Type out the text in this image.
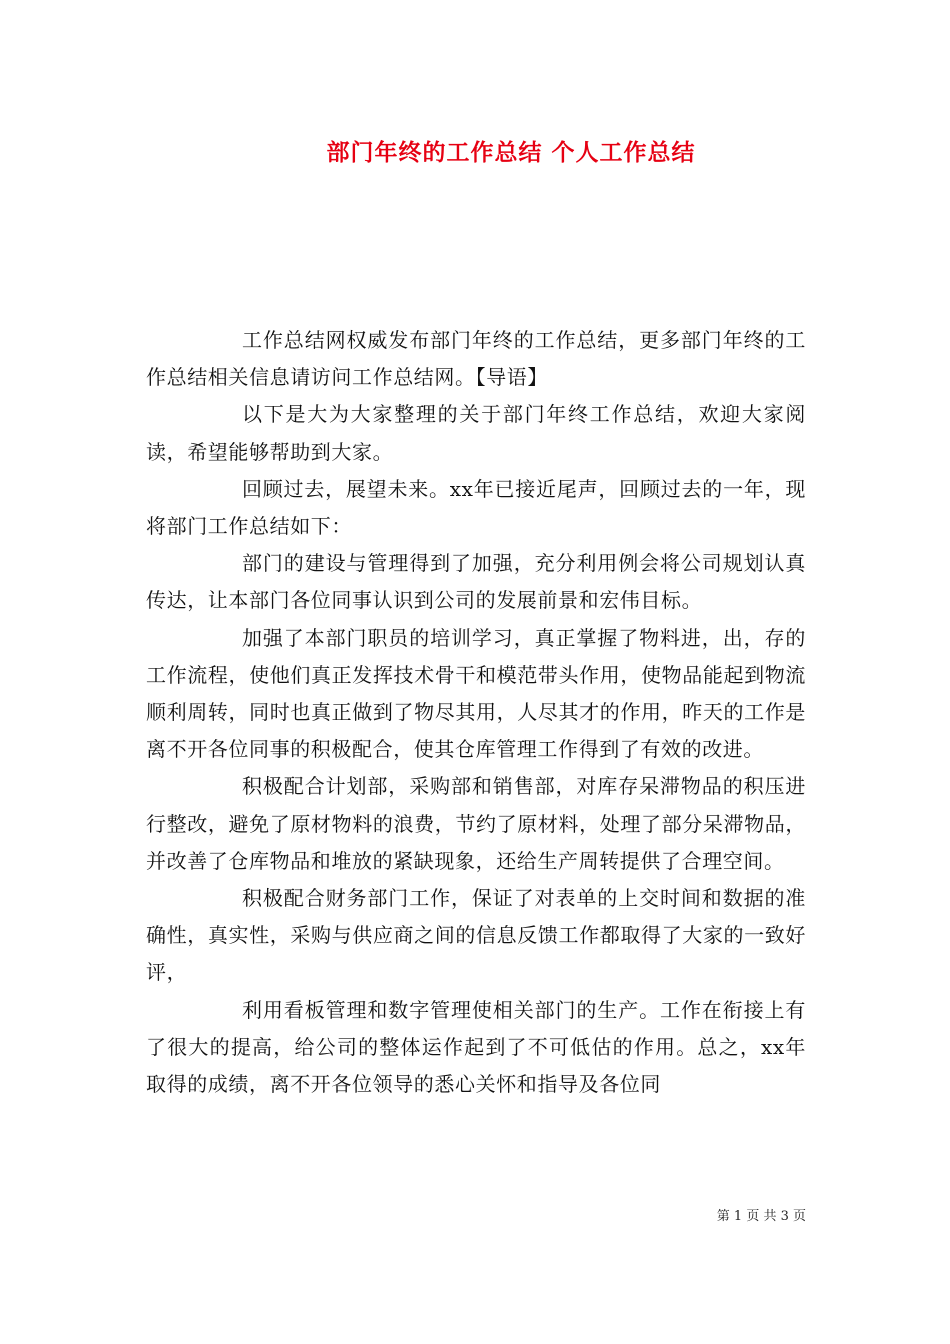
部门年终的工作总结 个人工作总结

工作总结网权威发布部门年终的工作总结，更多部门年终的工作总结相关信息请访问工作总结网。【导语】

以下是大为大家整理的关于部门年终工作总结，欢迎大家阅读，希望能够帮助到大家。

回顾过去，展望未来。xx年已接近尾声，回顾过去的一年，现将部门工作总结如下：

部门的建设与管理得到了加强，充分利用例会将公司规划认真传达，让本部门各位同事认识到公司的发展前景和宏伟目标。

加强了本部门职员的培训学习，真正掌握了物料进，出，存的工作流程，使他们真正发挥技术骨干和模范带头作用，使物品能起到物流顺利周转，同时也真正做到了物尽其用，人尽其才的作用，昨天的工作是离不开各位同事的积极配合，使其仓库管理工作得到了有效的改进。

积极配合计划部，采购部和销售部，对库存呆滞物品的积压进行整改，避免了原材物料的浪费，节约了原材料，处理了部分呆滞物品，并改善了仓库物品和堆放的紧缺现象，还给生产周转提供了合理空间。

积极配合财务部门工作，保证了对表单的上交时间和数据的准确性，真实性，采购与供应商之间的信息反馈工作都取得了大家的一致好评，

利用看板管理和数字管理使相关部门的生产。工作在衔接上有了很大的提高，给公司的整体运作起到了不可低估的作用。总之，xx年取得的成绩，离不开各位领导的悉心关怀和指导及各位同

第 1 页 共 3 页
